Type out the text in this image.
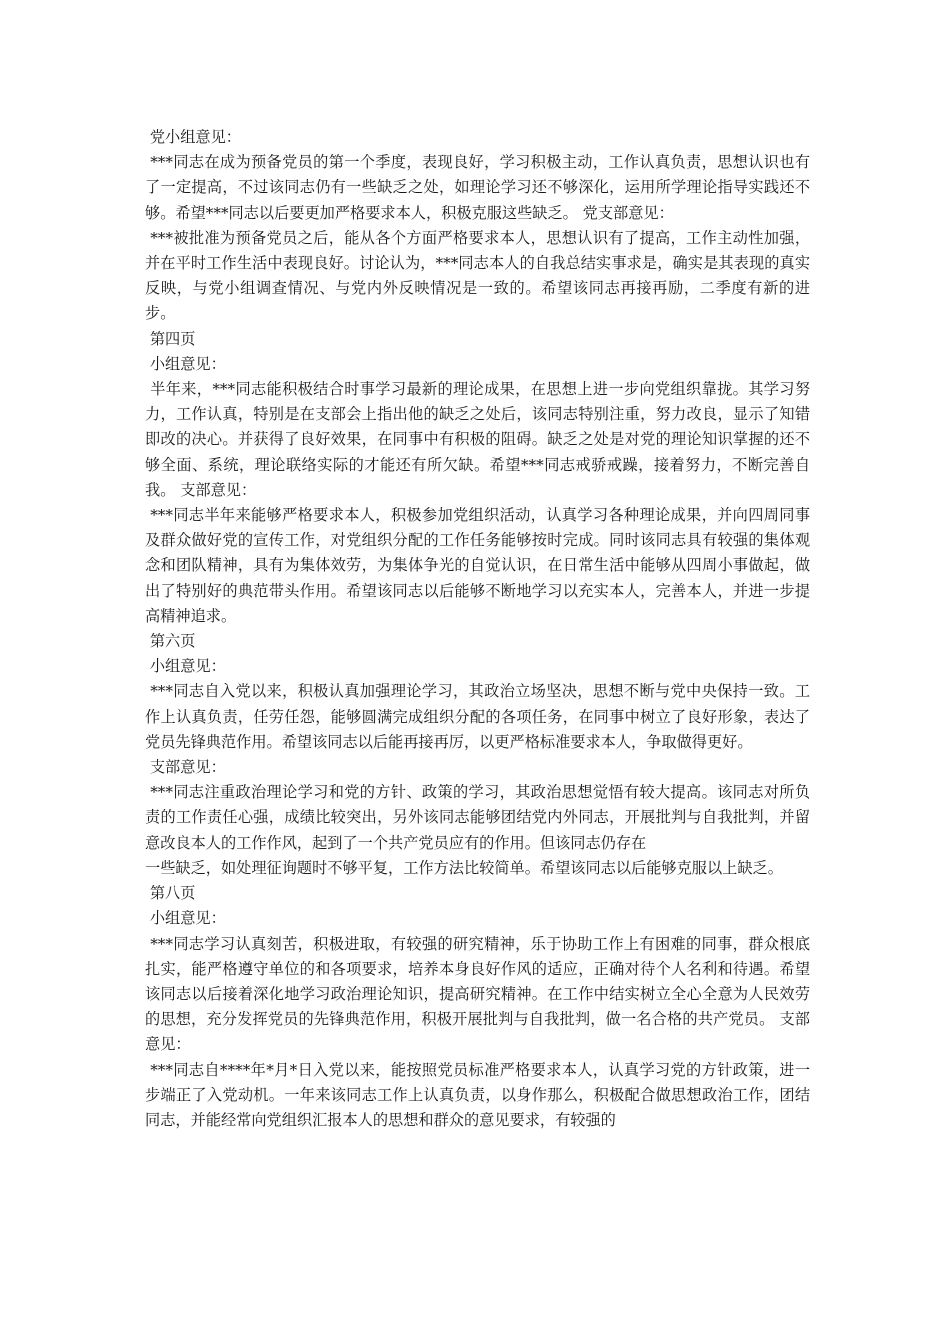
党小组意见：
***同志在成为预备党员的第一个季度，表现良好，学习积极主动，工作认真负责，思想认识也有了一定提高，不过该同志仍有一些缺乏之处，如理论学习还不够深化，运用所学理论指导实践还不够。希望***同志以后要更加严格要求本人，积极克服这些缺乏。 党支部意见：
***被批准为预备党员之后，能从各个方面严格要求本人，思想认识有了提高，工作主动性加强，并在平时工作生活中表现良好。讨论认为，***同志本人的自我总结实事求是，确实是其表现的真实反映，与党小组调查情况、与党内外反映情况是一致的。希望该同志再接再励，二季度有新的进步。
第四页
小组意见：
半年来，***同志能积极结合时事学习最新的理论成果，在思想上进一步向党组织靠拢。其学习努力，工作认真，特别是在支部会上指出他的缺乏之处后，该同志特别注重，努力改良，显示了知错即改的决心。并获得了良好效果，在同事中有积极的阻碍。缺乏之处是对党的理论知识掌握的还不够全面、系统，理论联络实际的才能还有所欠缺。希望***同志戒骄戒躁，接着努力，不断完善自我。 支部意见：
***同志半年来能够严格要求本人，积极参加党组织活动，认真学习各种理论成果，并向四周同事及群众做好党的宣传工作，对党组织分配的工作任务能够按时完成。同时该同志具有较强的集体观念和团队精神，具有为集体效劳，为集体争光的自觉认识，在日常生活中能够从四周小事做起，做出了特别好的典范带头作用。希望该同志以后能够不断地学习以充实本人，完善本人，并进一步提高精神追求。
第六页
小组意见：
***同志自入党以来，积极认真加强理论学习，其政治立场坚决，思想不断与党中央保持一致。工作上认真负责，任劳任怨，能够圆满完成组织分配的各项任务，在同事中树立了良好形象，表达了党员先锋典范作用。希望该同志以后能再接再厉，以更严格标准要求本人，争取做得更好。
支部意见：
***同志注重政治理论学习和党的方针、政策的学习，其政治思想觉悟有较大提高。该同志对所负责的工作责任心强，成绩比较突出，另外该同志能够团结党内外同志，开展批判与自我批判，并留意改良本人的工作作风，起到了一个共产党员应有的作用。但该同志仍存在
一些缺乏，如处理征询题时不够平复，工作方法比较简单。希望该同志以后能够克服以上缺乏。
第八页
小组意见：
***同志学习认真刻苦，积极进取，有较强的研究精神，乐于协助工作上有困难的同事，群众根底扎实，能严格遵守单位的和各项要求，培养本身良好作风的适应，正确对待个人名利和待遇。希望该同志以后接着深化地学习政治理论知识，提高研究精神。在工作中结实树立全心全意为人民效劳的思想，充分发挥党员的先锋典范作用，积极开展批判与自我批判，做一名合格的共产党员。 支部意见：
***同志自****年*月*日入党以来，能按照党员标准严格要求本人，认真学习党的方针政策，进一步端正了入党动机。一年来该同志工作上认真负责，以身作那么，积极配合做思想政治工作，团结同志，并能经常向党组织汇报本人的思想和群众的意见要求，有较强的
